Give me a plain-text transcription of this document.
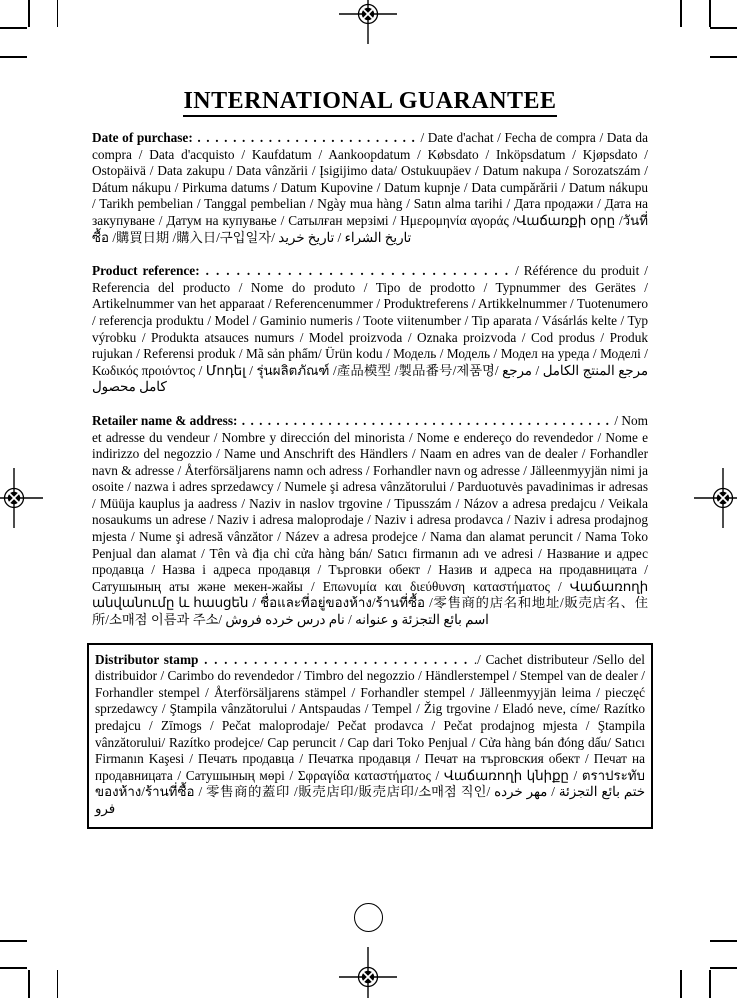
INTERNATIONAL GUARANTEE

Date of purchase: . . . . . . . . . . . . . . . . . . . . . . . . . / Date d'achat / Fecha de compra / Data da compra / Data d'acquisto / Kaufdatum / Aankoopdatum / Købsdato / Inköpsdatum / Kjøpsdato / Ostopäivä / Data zakupu / Data vânzării / Įsigijimo data/ Ostukuupäev / Datum nakupa / Sorozatszám / Dátum nákupu / Pirkuma datums / Datum Kupovine / Datum kupnje / Data cumpărării / Datum nákupu / Tarikh pembelian / Tanggal pembelian / Ngày mua hàng / Satın alma tarihi / Дата продажи / Дата на закупуване / Датум на купување / Сатылған мерзімі / Ημερομηνία αγοράς /Վաճառքի օրը /วันที่ซื้อ /購買日期 /購入日/구입일자/ تاريخ الشراء / تاريخ خريد

Product reference: . . . . . . . . . . . . . . . . . . . . . . . . . . . . . . / Référence du produit / Referencia del producto / Nome do produto / Tipo de prodotto / Typnummer des Gerätes / Artikelnummer van het apparaat / Referencenummer / Produktreferens / Artikkelnummer / Tuotenumero / referencja produktu / Model / Gaminio numeris / Toote viitenumber / Tip aparata / Vásárlás kelte / Typ výrobku / Produkta atsauces numurs / Model proizvoda / Oznaka proizvoda / Cod produs / Produk rujukan / Referensi produk / Mã sản phẩm/ Ürün kodu / Модель / Модель / Модел на уреда / Моделі / Κωδικός προιόντος / Մոդել / รุ่นผลิตภัณฑ์ /產品模型 /製品番号/제품명/ مرجع المنتج الكامل / مرجع كامل محصول

Retailer name & address: . . . . . . . . . . . . . . . . . . . . . . . . . . . . . . . . . . . . . . . . . . . / Nom et adresse du vendeur / Nombre y dirección del minorista / Nome e endereço do revendedor / Nome e indirizzo del negozzio / Name und Anschrift des Händlers / Naam en adres van de dealer / Forhandler navn & adresse / Återförsäljarens namn och adress / Forhandler navn og adresse / Jälleenmyyjän nimi ja osoite / nazwa i adres sprzedawcy / Numele şi adresa vânzătorului / Parduotuvės pavadinimas ir adresas / Müüja kauplus ja aadress / Naziv in naslov trgovine / Tipusszám / Názov a adresa predajcu / Veikala nosaukums un adrese / Naziv i adresa maloprodaje / Naziv i adresa prodavca / Naziv i adresa prodajnog mjesta / Nume şi adresă vânzător / Název a adresa prodejce / Nama dan alamat peruncit / Nama Toko Penjual dan alamat / Tên và địa chỉ cửa hàng bán/ Satıcı firmanın adı ve adresi / Название и адрес продавца / Назва і адреса продавця / Търговки обект / Назив и адреса на продавницата / Сатушының аты және мекен-жайы / Επωνυμία και διεύθυνση καταστήματος / Վաճառողի անվանումը և հասցեն / ชื่อและที่อยู่ของห้าง/ร้านที่ซื้อ /零售商的店名和地址/販売店名、住所/소매점 이름과 주소/ اسم بائع التجزئة و عنوانه / نام درس خرده فروش

Distributor stamp . . . . . . . . . . . . . . . . . . . . . . . . . . . ./ Cachet distributeur /Sello del distribuidor / Carimbo do revendedor / Timbro del negozzio / Händlerstempel / Stempel van de dealer / Forhandler stempel / Återförsäljarens stämpel / Forhandler stempel / Jälleenmyyjän leima / pieczęć sprzedawcy / Ştampila vânzătorului / Antspaudas / Tempel / Žig trgovine / Eladó neve, címe/ Razítko predajcu / Zīmogs / Pečat maloprodaje/ Pečat prodavca / Pečat prodajnog mjesta / Ştampila vânzătorului/ Razítko prodejce/ Cap peruncit / Cap dari Toko Penjual / Cửa hàng bán đóng dấu/ Satıcı Firmanın Kaşesi / Печать продавца / Печатка продавця / Печат на търговския обект / Печат на продавницата / Сатушының мөрі / Σφραγίδα καταστήματος / Վաճառողի կնիքը / ตราประทับของห้าง/ร้านที่ซื้อ / 零售商的蓋印 /販売店印/販売店印/소매점 직인/ ختم بائع التجزئة / مهر خرده فرو
